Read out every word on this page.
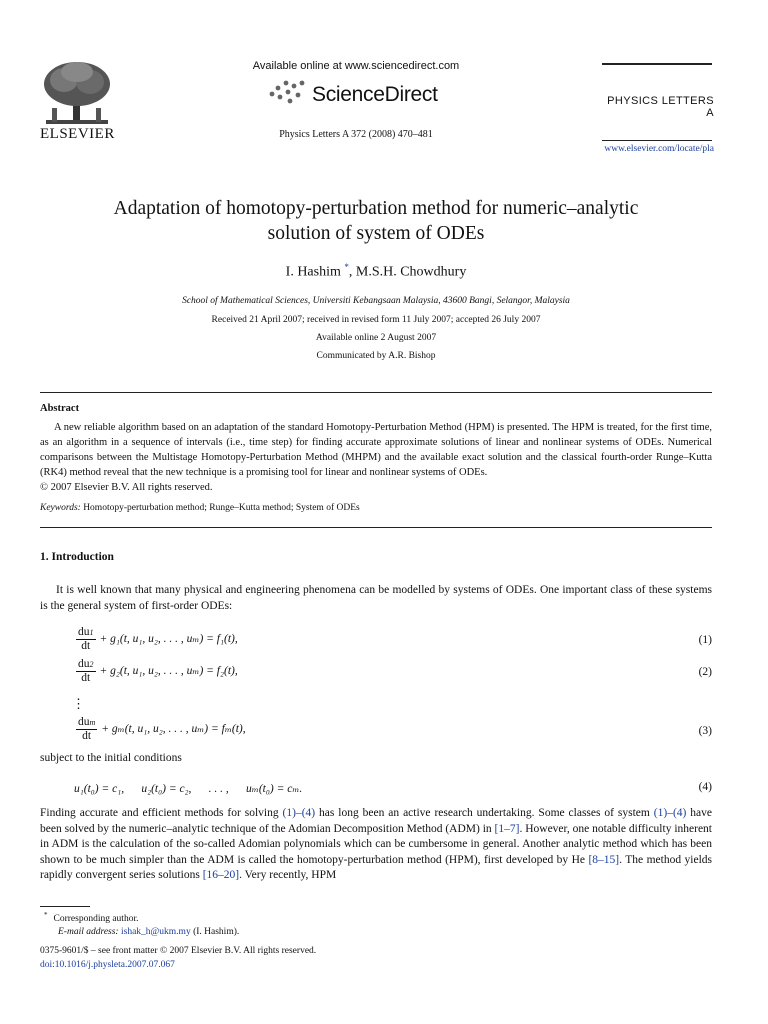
ELSEVIER
Available online at www.sciencedirect.com
ScienceDirect
Physics Letters A 372 (2008) 470–481
PHYSICS LETTERS A
www.elsevier.com/locate/pla
Adaptation of homotopy-perturbation method for numeric–analytic
solution of system of ODEs
I. Hashim *, M.S.H. Chowdhury
School of Mathematical Sciences, Universiti Kebangsaan Malaysia, 43600 Bangi, Selangor, Malaysia
Received 21 April 2007; received in revised form 11 July 2007; accepted 26 July 2007
Available online 2 August 2007
Communicated by A.R. Bishop
Abstract
A new reliable algorithm based on an adaptation of the standard Homotopy-Perturbation Method (HPM) is presented. The HPM is treated, for the first time, as an algorithm in a sequence of intervals (i.e., time step) for finding accurate approximate solutions of linear and nonlinear systems of ODEs. Numerical comparisons between the Multistage Homotopy-Perturbation Method (MHPM) and the available exact solution and the classical fourth-order Runge–Kutta (RK4) method reveal that the new technique is a promising tool for linear and nonlinear systems of ODEs.
© 2007 Elsevier B.V. All rights reserved.
Keywords: Homotopy-perturbation method; Runge–Kutta method; System of ODEs
1. Introduction

It is well known that many physical and engineering phenomena can be modelled by systems of ODEs. One important class of these systems is the general system of first-order ODEs:

$\frac{du1}{dt} + g_1(t$, u₁, u₂, . . . , uₘ) = f₁(t),	(1)
$\frac{du2}{dt} + g_2(t$, u₁, u₂, . . . , uₘ) = f₂(t),	(2)
⋮
$\frac{\text{dum}}{dt} + g_m(t$, u₁, u₂, . . . , uₘ) = fₘ(t),	(3)
subject to the initial conditions
u₁(t₀) = c₁,      u₂(t₀) = c₂,      . . . ,      uₘ(t₀) = cₘ.	(4)

Finding accurate and efficient methods for solving (1)–(4) has long been an active research undertaking. Some classes of system (1)–(4) have been solved by the numeric–analytic technique of the Adomian Decomposition Method (ADM) in [1–7]. However, one notable difficulty inherent in ADM is the calculation of the so-called Adomian polynomials which can be cumbersome in general. Another analytic method which has been shown to be much simpler than the ADM is called the homotopy-perturbation method (HPM), first developed by He [8–15]. The method yields rapidly convergent series solutions [16–20]. Very recently, HPM

* Corresponding author.
E-mail address: ishak_h@ukm.my (I. Hashim).
0375-9601/$ – see front matter © 2007 Elsevier B.V. All rights reserved.
doi:10.1016/j.physleta.2007.07.067
